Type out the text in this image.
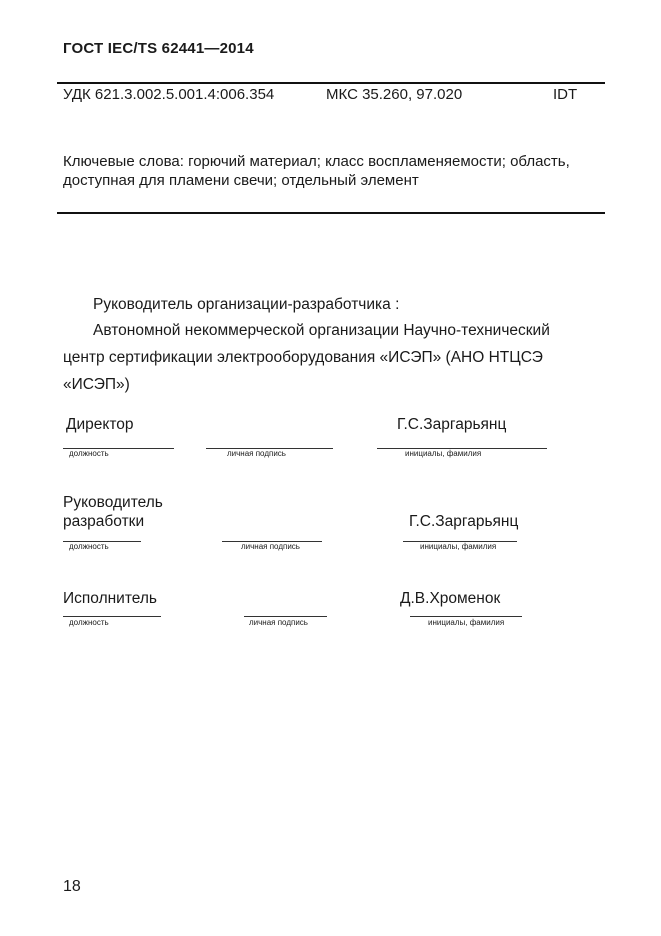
ГОСТ IEC/TS 62441—2014
УДК 621.3.002.5.001.4:006.354	МКС 35.260, 97.020	IDT
Ключевые слова: горючий материал; класс воспламеняемости; область, доступная для пламени свечи; отдельный элемент
Руководитель организации-разработчика :
Автономной некоммерческой организации Научно-технический
центр сертификации электрооборудования «ИСЭП» (АНО НТЦСЭ
«ИСЭП»)
Директор	Г.С.Заргарьянц
должность	личная подпись	инициалы, фамилия
Руководитель
разработки	Г.С.Заргарьянц
должность	личная подпись	инициалы, фамилия
Исполнитель	Д.В.Хроменок
должность	личная подпись	инициалы, фамилия
18
